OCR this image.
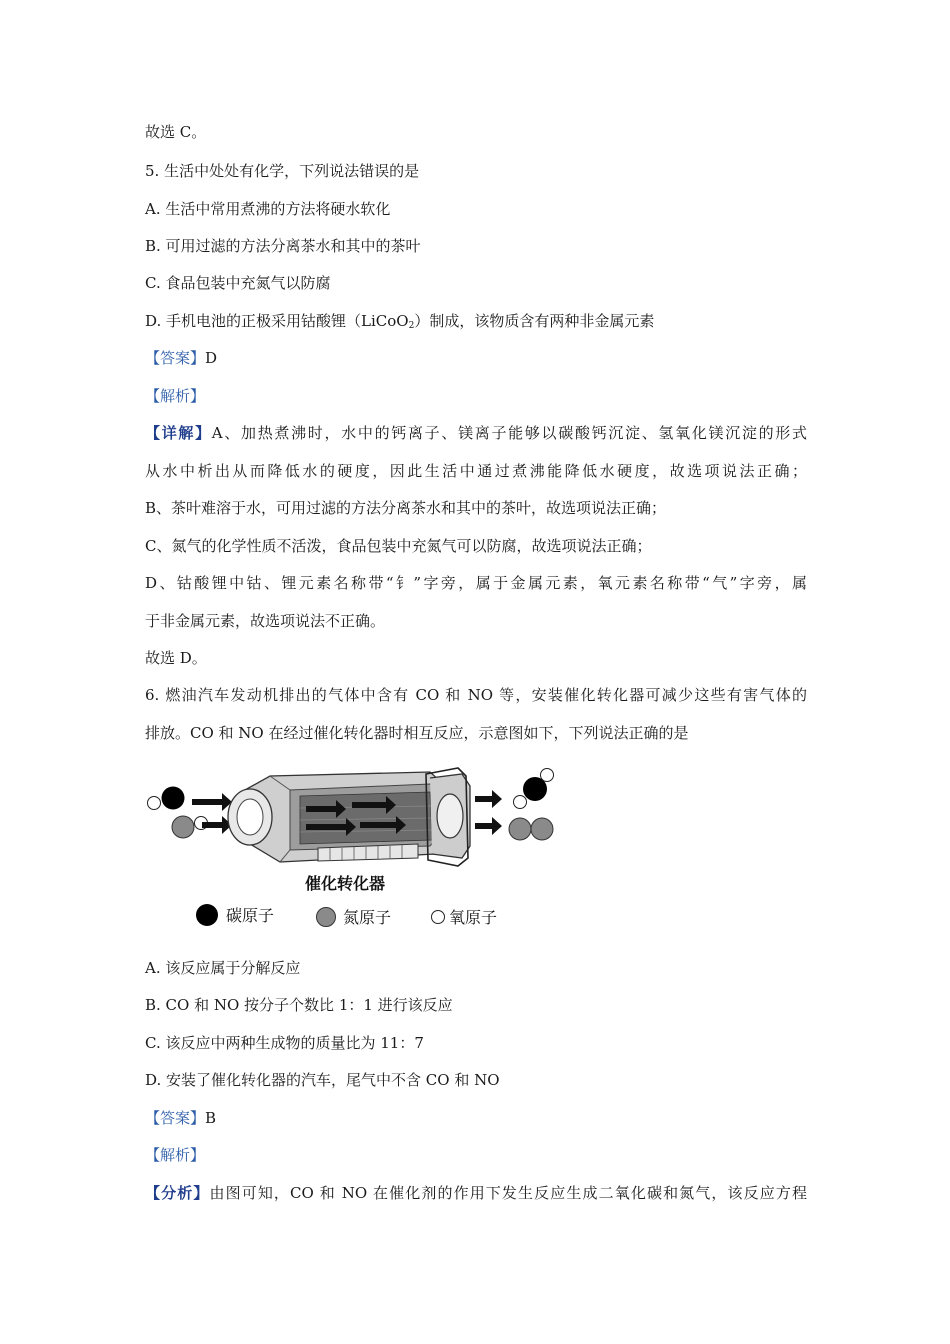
故选 C。
5. 生活中处处有化学，下列说法错误的是
A. 生活中常用煮沸的方法将硬水软化
B. 可用过滤的方法分离茶水和其中的茶叶
C. 食品包装中充氮气以防腐
D. 手机电池的正极采用钴酸锂（LiCoO$_2$）制成，该物质含有两种非金属元素
【答案】D
【解析】
【详解】A、加热煮沸时，水中的钙离子、镁离子能够以碳酸钙沉淀、氢氧化镁沉淀的形式
从水中析出从而降低水的硬度，因此生活中通过煮沸能降低水硬度，故选项说法正确；
B、茶叶难溶于水，可用过滤的方法分离茶水和其中的茶叶，故选项说法正确；
C、氮气的化学性质不活泼，食品包装中充氮气可以防腐，故选项说法正确；
D、钴酸锂中钴、锂元素名称带“钅”字旁，属于金属元素，氧元素名称带“气”字旁，属
于非金属元素，故选项说法不正确。
故选 D。
6. 燃油汽车发动机排出的气体中含有 CO 和 NO 等，安装催化转化器可减少这些有害气体的
排放。CO 和 NO 在经过催化转化器时相互反应，示意图如下，下列说法正确的是
催化转化器
碳原子	氮原子	氧原子
A. 该反应属于分解反应
B. CO 和 NO 按分子个数比 1：1 进行该反应
C. 该反应中两种生成物的质量比为 11：7
D. 安装了催化转化器的汽车，尾气中不含 CO 和 NO
【答案】B
【解析】
【分析】由图可知，CO 和 NO 在催化剂的作用下发生反应生成二氧化碳和氮气，该反应方程
